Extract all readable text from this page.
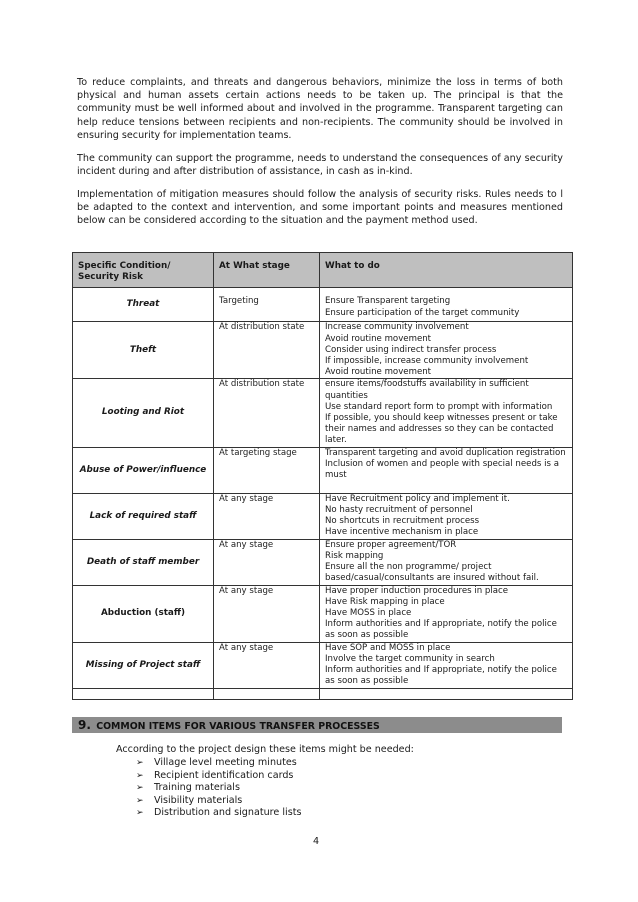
To reduce complaints, and threats and dangerous behaviors, minimize the loss in terms of both physical and human assets certain actions needs to be taken up. The principal is that the community must be well informed about and involved in the programme. Transparent targeting can help reduce tensions between recipients and non-recipients. The community should be involved in ensuring security for implementation teams.

The community can support the programme, needs to understand the consequences of any security incident during and after distribution of assistance, in cash as in-kind.

Implementation of mitigation measures should follow the analysis of security risks. Rules needs to l be adapted to the context and intervention, and some important points and measures mentioned below can be considered according to the situation and the payment method used.

Specific Condition/ Security Risk	At What stage	What to do
Threat	Targeting	Ensure Transparent targeting
Ensure participation of the target community

Theft	At distribution state	Increase community involvement
Avoid routine movement
Consider using indirect transfer process
If impossible, increase community involvement
Avoid routine movement

Looting and Riot	At distribution state	ensure items/foodstuffs availability in sufficient quantities
Use standard report form to prompt with information
If possible, you should keep witnesses present or take their names and addresses so they can be contacted later.

Abuse of Power/influence	At targeting stage	Transparent targeting and avoid duplication registration
Inclusion of women and people with special needs is a must

Lack of required staff	At any stage	Have Recruitment policy and implement it.
No hasty recruitment of personnel
No shortcuts in recruitment process
Have incentive mechanism in place

Death of staff member	At any stage	Ensure proper agreement/TOR
Risk mapping
Ensure all the non programme/ project based/casual/consultants are insured without fail.

Abduction (staff)	At any stage	Have proper induction procedures in place
Have Risk mapping in place
Have MOSS in place
Inform authorities and If appropriate, notify the police as soon as possible

Missing of Project staff	At any stage	Have SOP and MOSS in place
Involve the target community in search
Inform authorities and If appropriate, notify the police as soon as possible

9. COMMON ITEMS FOR VARIOUS TRANSFER PROCESSES

According to the project design these items might be needed:

➢ Village level meeting minutes
➢ Recipient identification cards
➢ Training materials
➢ Visibility materials
➢ Distribution and signature lists
4
